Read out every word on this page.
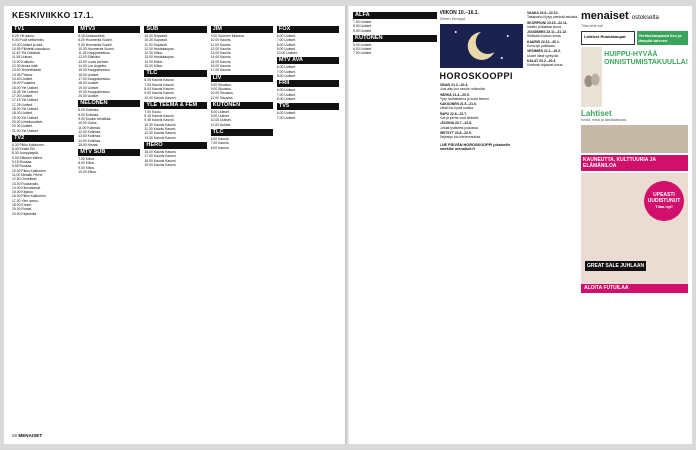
KESKIVIIKKO 17.1.
TV1
6.25 Yle aamu.
9.30 Puoli seitsemän.
10.00 Uutiset ja sää.
10.55 Piilotettu hauskuus.
11.40 Ylä Oddasat.
11.55 Uutiset.
12.00 Kotikatu.
12.30 Arvaa mitä.
13.00 Terveellisesti.
13.35 Prisma.
14.40 Uutiset.
15.00 Puutarha.
16.00 Yle Uutiset.
16.35 Yle Uutiset.
17.00 Uutiset.
17.15 Yle Uutiset.
17.25 Uutiset.
18.00 Yle Uutiset.
18.30 Uutiset.
19.00 Yle Uutiset.
20.00 Urheiluuutiset.
20.30 Uutiset.
21.00 Yle Uutiset.
TV2
6.30 Pikku Kakkonen.
8.40 Kesän Elli.
8.30 Jumppatytöt.
9.00 Eläinten elämä.
9.15 Ruokaa.
9.55 Ruokaa.
10.00 Pikku Kakkonen.
11.00 Meidän Perhe.
12.50 Onnelliset.
13.00 Ruokavalio.
14.00 Kiinnostavat.
15.30 Kirjasto.
16.00 Pikku Kakkonen.
17.00 Ylen aamu.
18.00 Ennen.
19.00 Ruotsi.
20.00 Kirjastolla.
MTV3
6.15 Aamuuutiset.
6.20 Huomenta Suomi.
9.00 Huomenta Suomi.
10.30 Huomenta Suomi.
11.25 Kauppakeskus.
12.00 Elämäni.
13.00 Luota kertoen.
14.00 Los Angeles.
15.00 Kauppakeskus.
16.00 Uutiset.
17.00 Kauppakeskus.
18.00 Uutiset.
19.00 Uutiset.
19.30 Kauppakeskus.
20.00 Uutiset.
NELONEN
6.00 Kotimaa.
8.00 Kotimaa.
9.00 Koulun tekniikka.
10.00 Ostos.
11.00 Kotimaa.
12.00 Kotimaa.
13.00 Kotimaa.
14.00 Kotimaa.
15.00 Hinnat.
MTV SUB
7.00 Kiitos.
8.00 Kiitos.
9.00 Kiitos.
10.00 Kiitos.
SUB
10.00 Sopassit.
10.30 Sopassit.
11.00 Sopassit.
12.00 Hustakaupan.
12.30 Kiitos.
13.00 Hustakaupan.
14.00 Kiitos.
15.00 Kiitos.
TLC
6.05 Kaunis Kasvot.
7.05 Kaunis Kasvot.
8.00 Kaunis Kasvot.
9.00 Kaunis Kasvot.
10.00 Kaunis Kasvot.
YLE TEEMA & FEM
7.00 Koulu.
8.15 Kaunis Kasvot.
9.45 Kaunis Kasvot.
10.30 Kaunis Kasvot.
11.30 Kaunis Kasvot.
12.30 Kaunis Kasvot.
13.30 Kaunis Kasvot.
HERO
16.00 Kaunis Kasvot.
17.00 Kaunis Kasvot.
18.00 Kaunis Kasvot.
19.00 Kaunis Kasvot.
JIM
9.00 Suomen Mukava.
10.00 Kaunis.
11.00 Kaunis.
12.00 Kaunis.
13.00 Kaunis.
14.00 Kaunis.
15.00 Kaunis.
16.00 Kaunis.
17.00 Kaunis.
LIV
8.00 Sisustus.
9.00 Sisustus.
10.00 Sisustus.
11.00 Sisustus.
KUTONEN
8.00 Uutiset.
9.00 Uutiset.
10.00 Uutiset.
11.00 Uutiset.
TLC
6.00 Kaunis.
7.00 Kaunis.
8.00 Kaunis.
FOX
6.00 Uutiset.
7.00 Uutiset.
8.00 Uutiset.
9.00 Uutiset.
10.00 Uutiset.
MTV AVA
6.00 Uutiset.
7.00 Uutiset.
8.00 Uutiset.
FRII
6.00 Uutiset.
7.00 Uutiset.
8.00 Uutiset.
TV5
6.00 Uutiset.
7.00 Uutiset.
58 MENAISET
ALFA
7.00 Uutiset.
8.00 Uutiset.
9.00 Uutiset.
KUTONEN
5.00 Uutiset.
6.00 Uutiset.
7.00 Uutiset.
VIIKON 10.–16.1.
Eileen Kemppi
HOROSKOOPPI
OINAS 21.3.–20.4.
Uusi alku tuo sinulle rohkeutta.
HÄRKÄ 21.4.–20.5.
Pysy rauhallisena ja luota itseesi.
KAKSONEN 21.5.–21.6.
Viesti tuo hyviä uutisia.
RAPU 22.6.–22.7.
Koti ja perhe ovat tärkeitä.
LEIJONA 23.7.–22.8.
Loistat ystäviesi joukossa.
NEITSYT 23.8.–22.9.
Järjestys tuo mielenrauhaa.
LUE PÄIVÄN HOROSKOOPPI jokaiselle merkille menaiset.fi
VAAKA 23.9.–22.10.
Tasapaino löytyy pienistä asioista.
SKORPIONI 23.10.–22.11.
Intuitio johdattaa sinua.
JOUSIMIES 23.11.–21.12.
Seikkailu kutsuu sinua.
KAURIS 22.12.–20.1.
Kova työ palkitaan.
VESIMIES 21.1.–19.2.
Uudet ideat syntyvät.
KALAT 20.2.–20.3.
Unelmat ohjaavat sinua.
menaiset ostokselta
Tilaa lehti nyt!
Lahtiset Ruokakaupat	Verkkokaupasta liso ja lämpöä talveen
HUIPPU-HYVÄÄ ONNISTUMISTAKUULLA!
Lahtiset
Kestä, mikä ja ainutlaatuista.
KAUNEUTTA, KULTTUURIA JA ELÄMÄNILOA
UPEASTI UUDISTUNUT
Tilaa nyt!
GREAT SALE JUHLAAN
ALOITA FUTUILAA
